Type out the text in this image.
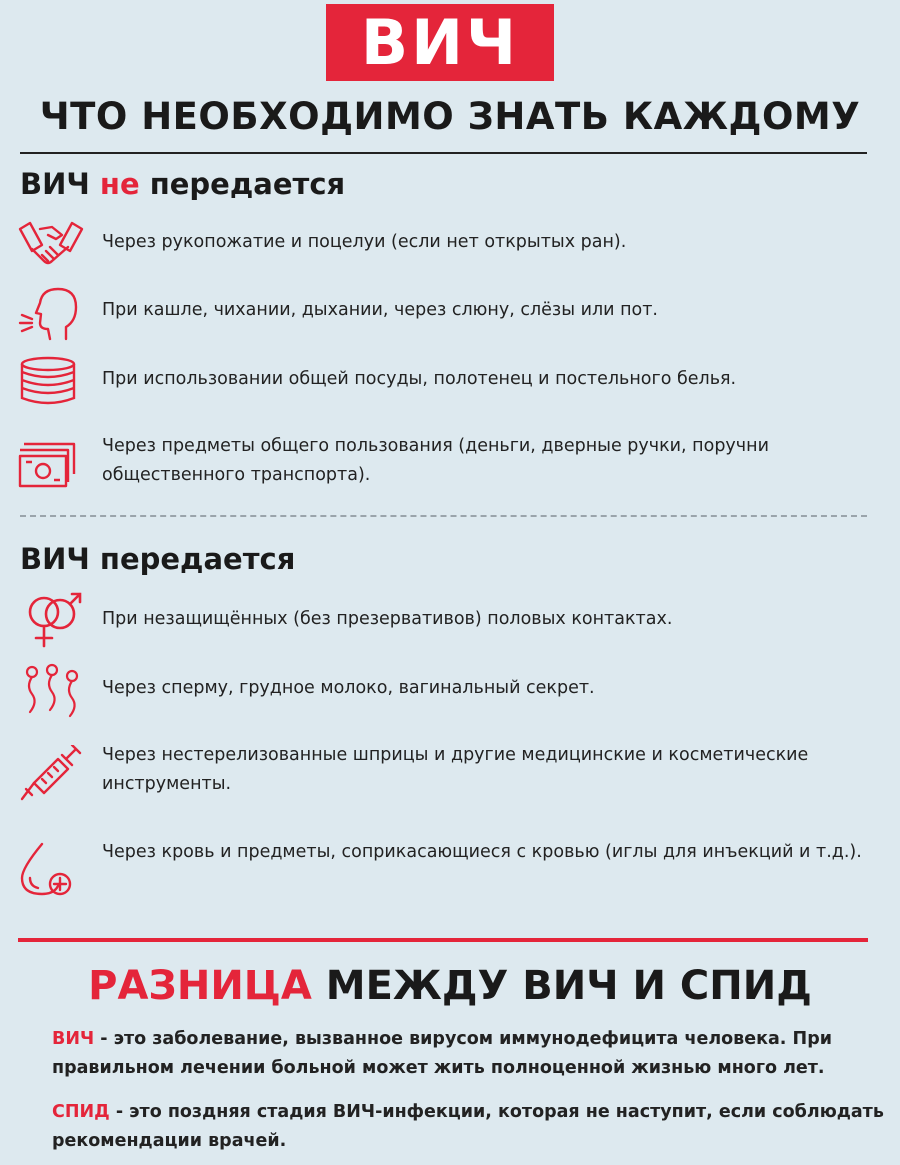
ВИЧ
ЧТО НЕОБХОДИМО ЗНАТЬ КАЖДОМУ
ВИЧ не передается
Через рукопожатие и поцелуи (если нет открытых ран).
При кашле, чихании, дыхании, через слюну, слёзы или пот.
При использовании общей посуды, полотенец и постельного белья.
Через предметы общего пользования (деньги, дверные ручки, поручни общественного транспорта).
ВИЧ передается
При незащищённых (без презервативов) половых контактах.
Через сперму, грудное молоко, вагинальный секрет.
Через нестерелизованные шприцы и другие медицинские и косметические инструменты.
Через кровь и предметы, соприкасающиеся с кровью (иглы для инъекций и т.д.).
РАЗНИЦА МЕЖДУ ВИЧ И СПИД
ВИЧ - это заболевание, вызванное вирусом иммунодефицита человека. При правильном лечении больной может жить полноценной жизнью много лет.
СПИД - это поздняя стадия ВИЧ-инфекции, которая не наступит, если соблюдать рекомендации врачей.
